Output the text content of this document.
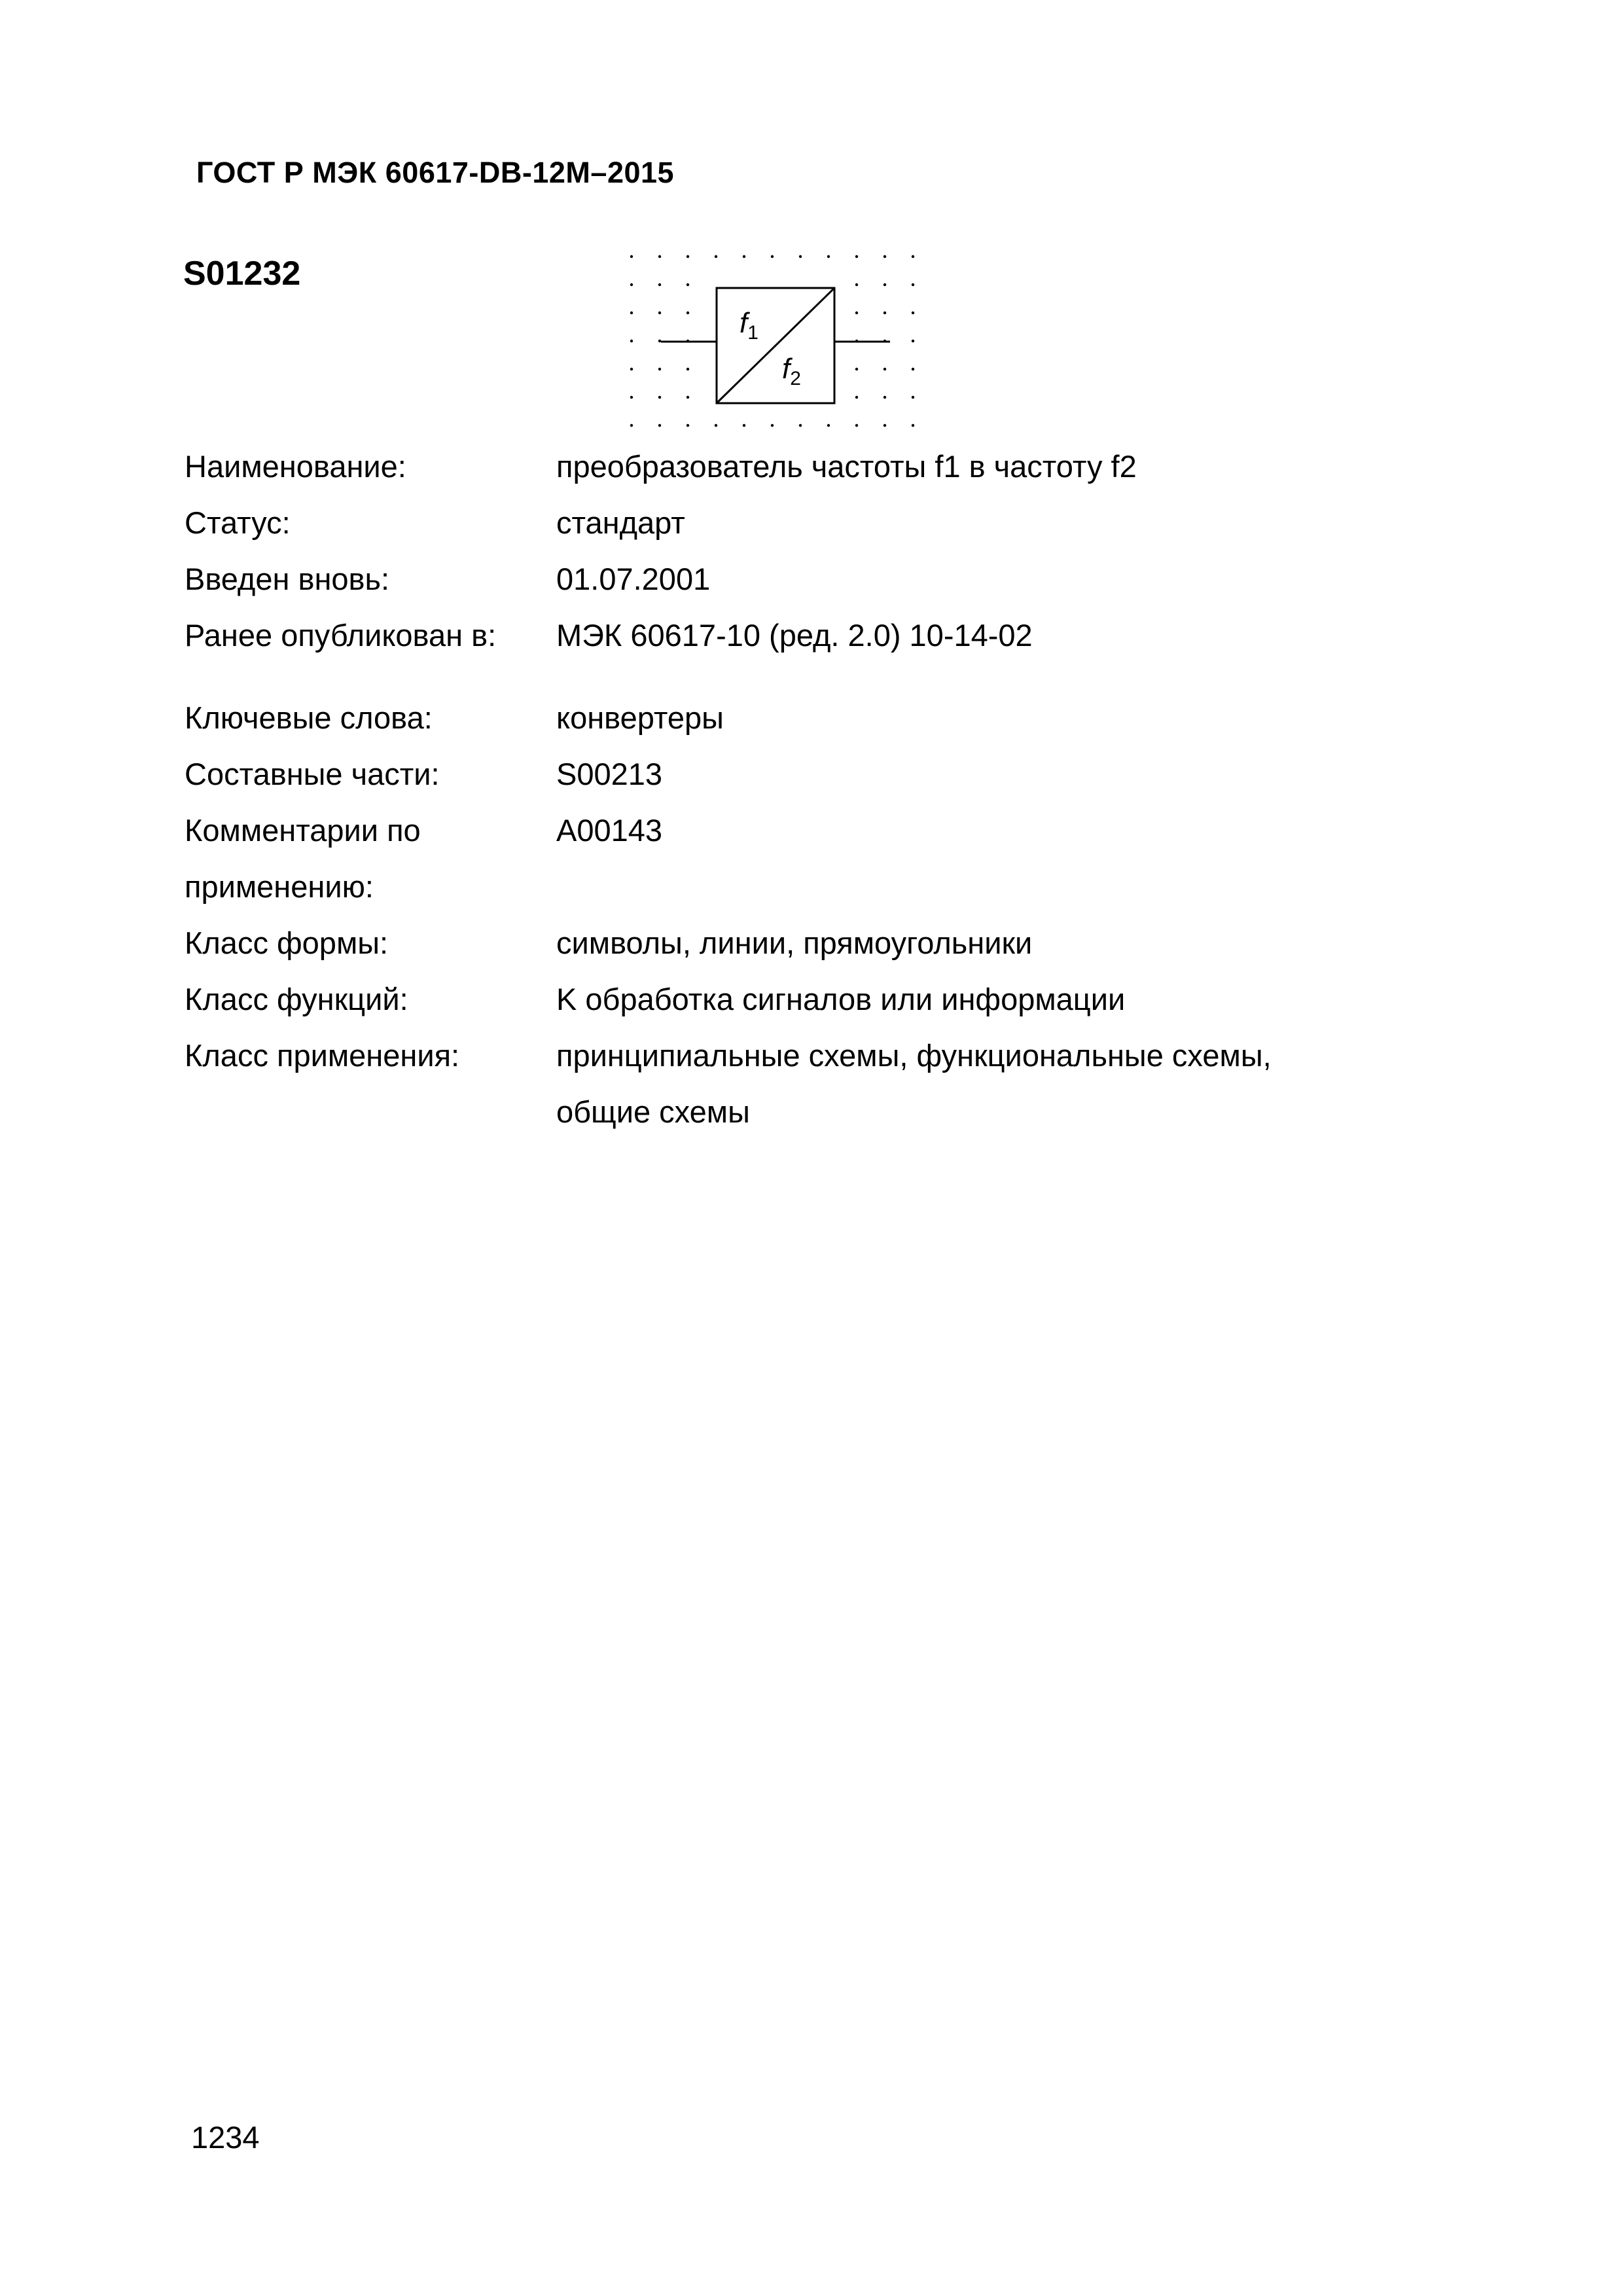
ГОСТ Р МЭК 60617-DB-12M–2015
S01232
$f_1$
$f_2$
Наименование:	преобразователь частоты f1 в частоту f2
Статус:	стандарт
Введен вновь:	01.07.2001
Ранее опубликован в:	МЭК 60617-10 (ред. 2.0) 10-14-02
Ключевые слова:	конвертеры
Составные части:	S00213
Комментарии по	A00143
применению:
Класс формы:	символы, линии, прямоугольники
Класс функций:	K обработка сигналов или информации
Класс применения:	принципиальные схемы, функциональные схемы,
общие схемы
1234
